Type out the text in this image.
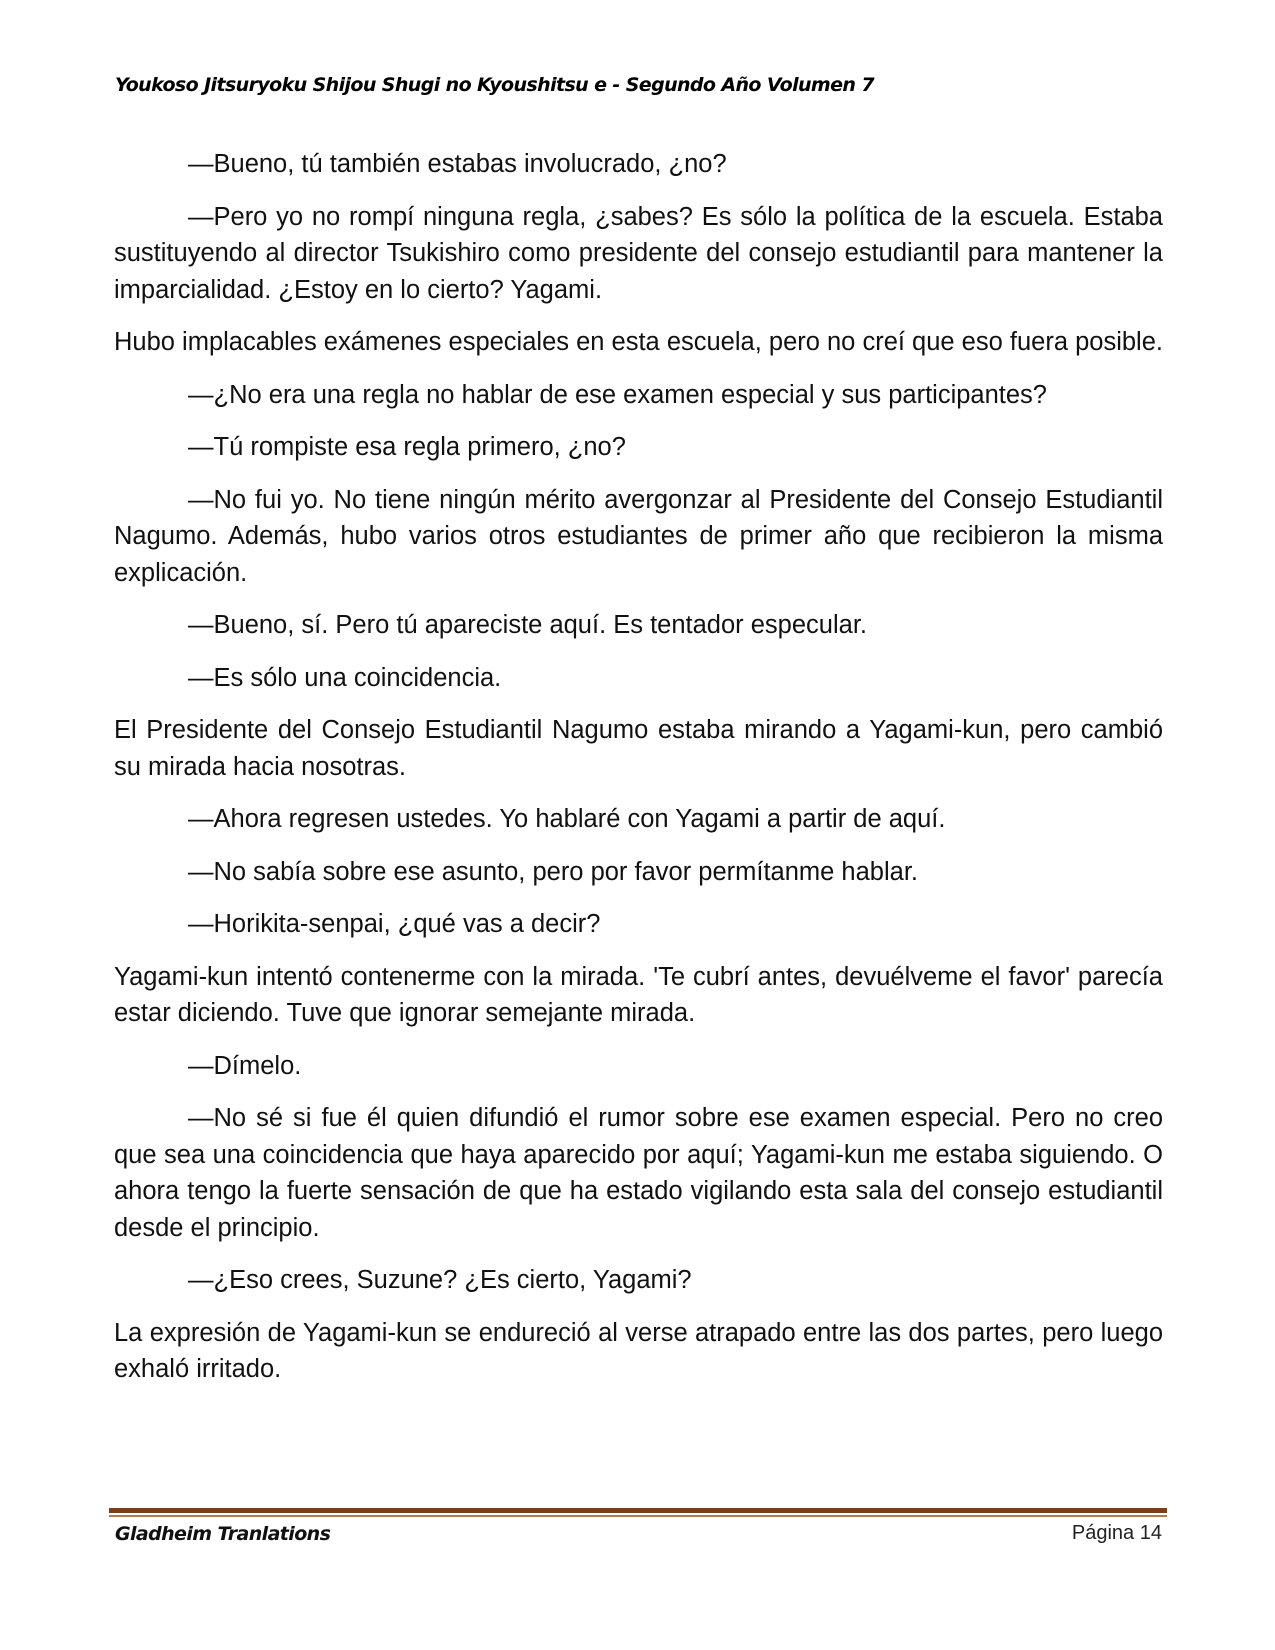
Youkoso Jitsuryoku Shijou Shugi no Kyoushitsu e - Segundo Año Volumen 7

—Bueno, tú también estabas involucrado, ¿no?

—Pero yo no rompí ninguna regla, ¿sabes? Es sólo la política de la escuela. Estaba sustituyendo al director Tsukishiro como presidente del consejo estudiantil para mantener la imparcialidad. ¿Estoy en lo cierto? Yagami.

Hubo implacables exámenes especiales en esta escuela, pero no creí que eso fuera posible.

—¿No era una regla no hablar de ese examen especial y sus participantes?

—Tú rompiste esa regla primero, ¿no?

—No fui yo. No tiene ningún mérito avergonzar al Presidente del Consejo Estudiantil Nagumo. Además, hubo varios otros estudiantes de primer año que recibieron la misma explicación.

—Bueno, sí. Pero tú apareciste aquí. Es tentador especular.

—Es sólo una coincidencia.

El Presidente del Consejo Estudiantil Nagumo estaba mirando a Yagami-kun, pero cambió su mirada hacia nosotras.

—Ahora regresen ustedes. Yo hablaré con Yagami a partir de aquí.

—No sabía sobre ese asunto, pero por favor permítanme hablar.

—Horikita-senpai, ¿qué vas a decir?

Yagami-kun intentó contenerme con la mirada. 'Te cubrí antes, devuélveme el favor' parecía estar diciendo. Tuve que ignorar semejante mirada.

—Dímelo.

—No sé si fue él quien difundió el rumor sobre ese examen especial. Pero no creo que sea una coincidencia que haya aparecido por aquí; Yagami-kun me estaba siguiendo. O ahora tengo la fuerte sensación de que ha estado vigilando esta sala del consejo estudiantil desde el principio.

—¿Eso crees, Suzune? ¿Es cierto, Yagami?

La expresión de Yagami-kun se endureció al verse atrapado entre las dos partes, pero luego exhaló irritado.

Gladheim Tranlations	Página 14
